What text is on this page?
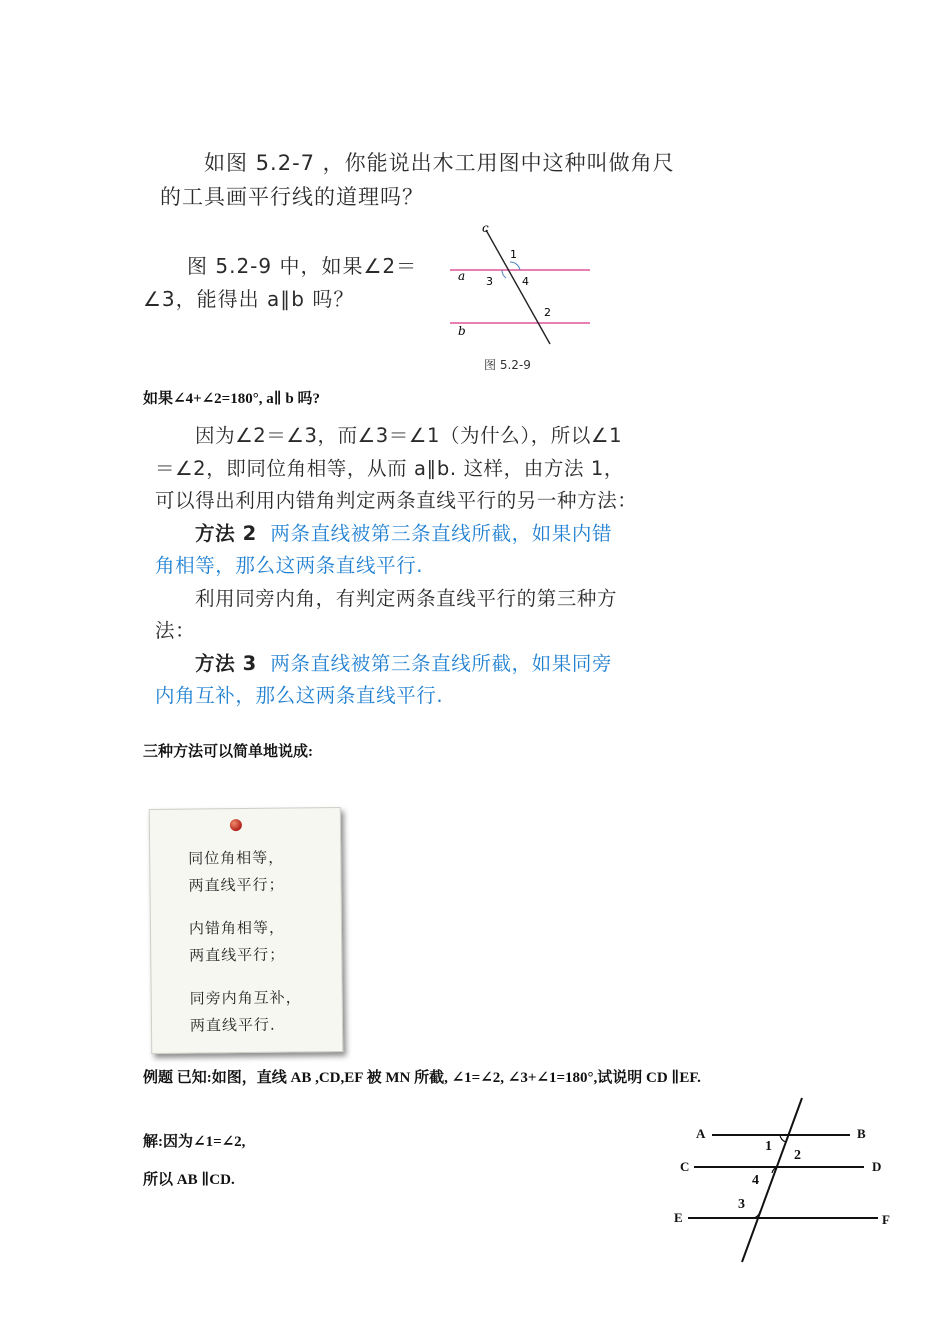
如图 5.2-7 ，你能说出木工用图中这种叫做角尺
的工具画平行线的道理吗？
图 5.2-9 中，如果∠2＝
∠3，能得出 a∥b 吗？
c
a
b
1
3	4
2
图 5.2-9
如果∠4+∠2=180°, a∥ b 吗?
因为∠2＝∠3，而∠3＝∠1（为什么），所以∠1
＝∠2，即同位角相等，从而 a∥b. 这样，由方法 1，
可以得出利用内错角判定两条直线平行的另一种方法：
方法 2 两条直线被第三条直线所截，如果内错
角相等，那么这两条直线平行.
利用同旁内角，有判定两条直线平行的第三种方
法：
方法 3 两条直线被第三条直线所截，如果同旁
内角互补，那么这两条直线平行.
三种方法可以简单地说成:
同位角相等，
两直线平行；
内错角相等，
两直线平行；
同旁内角互补，
两直线平行.
例题 已知:如图，直线 AB ,CD,EF 被 MN 所截, ∠1=∠2, ∠3+∠1=180°,试说明 CD ∥EF.
解:因为∠1=∠2,
所以 AB ∥CD.
A	B
C	D
E	F
1
2
4
3
